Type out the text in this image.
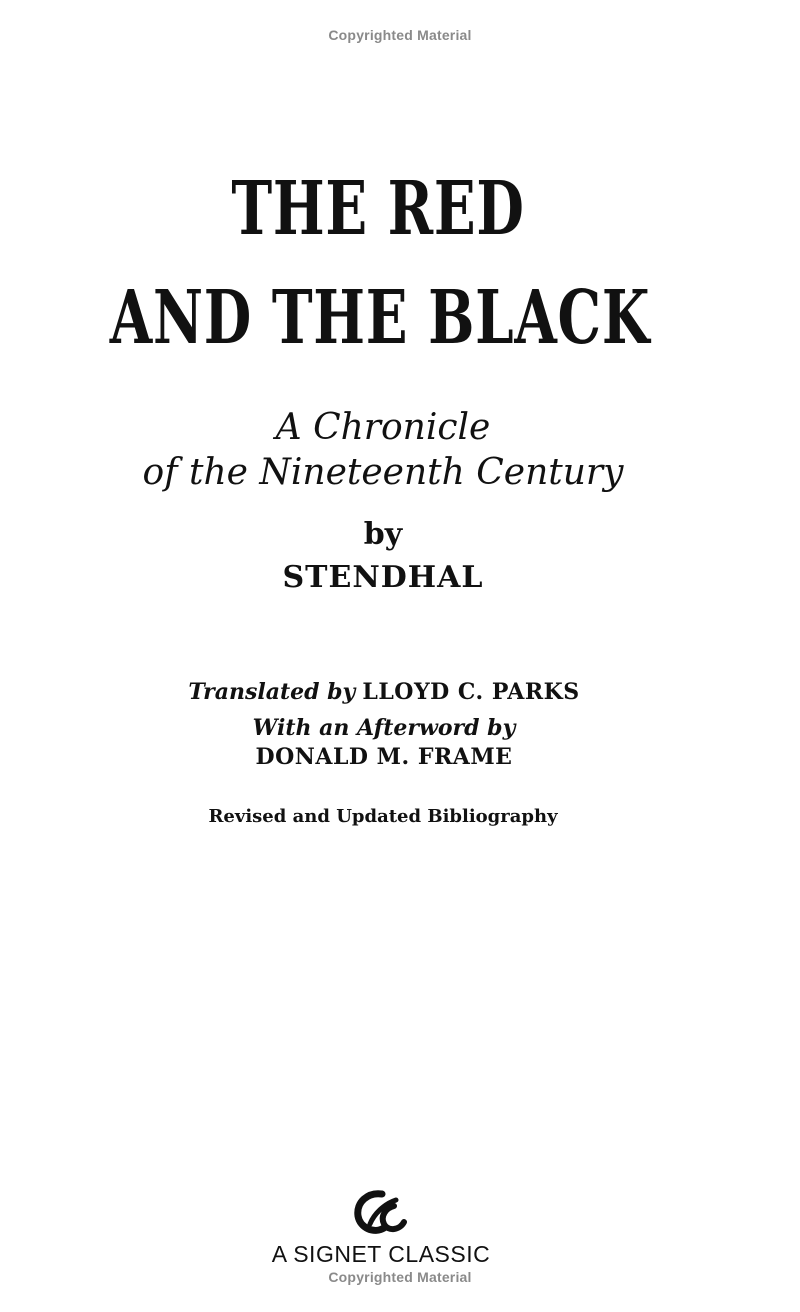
Copyrighted Material
THE RED
AND THE BLACK
A Chronicle
of the Nineteenth Century
by
STENDHAL
Translated by LLOYD C. PARKS
With an Afterword by
DONALD M. FRAME
Revised and Updated Bibliography
A SIGNET CLASSIC
Copyrighted Material
